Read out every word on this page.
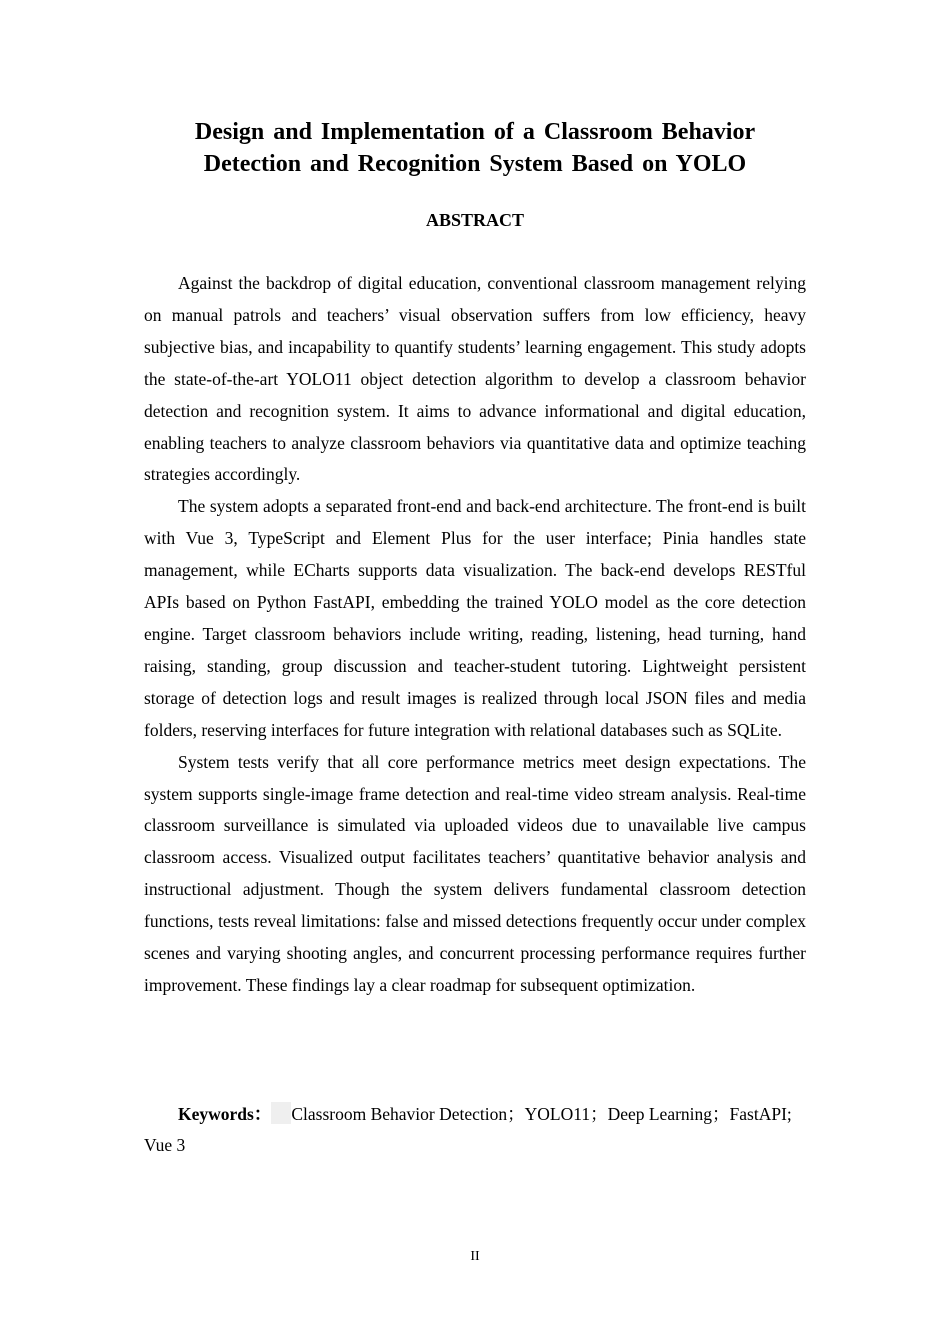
Design and Implementation of a Classroom Behavior
Detection and Recognition System Based on YOLO
ABSTRACT

Against the backdrop of digital education, conventional classroom management relying on manual patrols and teachers’ visual observation suffers from low efficiency, heavy subjective bias, and incapability to quantify students’ learning engagement. This study adopts the state-of-the-art YOLO11 object detection algorithm to develop a classroom behavior detection and recognition system. It aims to advance informational and digital education, enabling teachers to analyze classroom behaviors via quantitative data and optimize teaching strategies accordingly.

The system adopts a separated front-end and back-end architecture. The front-end is built with Vue 3, TypeScript and Element Plus for the user interface; Pinia handles state management, while ECharts supports data visualization. The back-end develops RESTful APIs based on Python FastAPI, embedding the trained YOLO model as the core detection engine. Target classroom behaviors include writing, reading, listening, head turning, hand raising, standing, group discussion and teacher-student tutoring. Lightweight persistent storage of detection logs and result images is realized through local JSON files and media folders, reserving interfaces for future integration with relational databases such as SQLite.

System tests verify that all core performance metrics meet design expectations. The system supports single-image frame detection and real-time video stream analysis. Real-time classroom surveillance is simulated via uploaded videos due to unavailable live campus classroom access. Visualized output facilitates teachers’ quantitative behavior analysis and instructional adjustment. Though the system delivers fundamental classroom detection functions, tests reveal limitations: false and missed detections frequently occur under complex scenes and varying shooting angles, and concurrent processing performance requires further improvement. These findings lay a clear roadmap for subsequent optimization.

Keywords： Classroom Behavior Detection；YOLO11；Deep Learning；FastAPI; Vue 3

II
